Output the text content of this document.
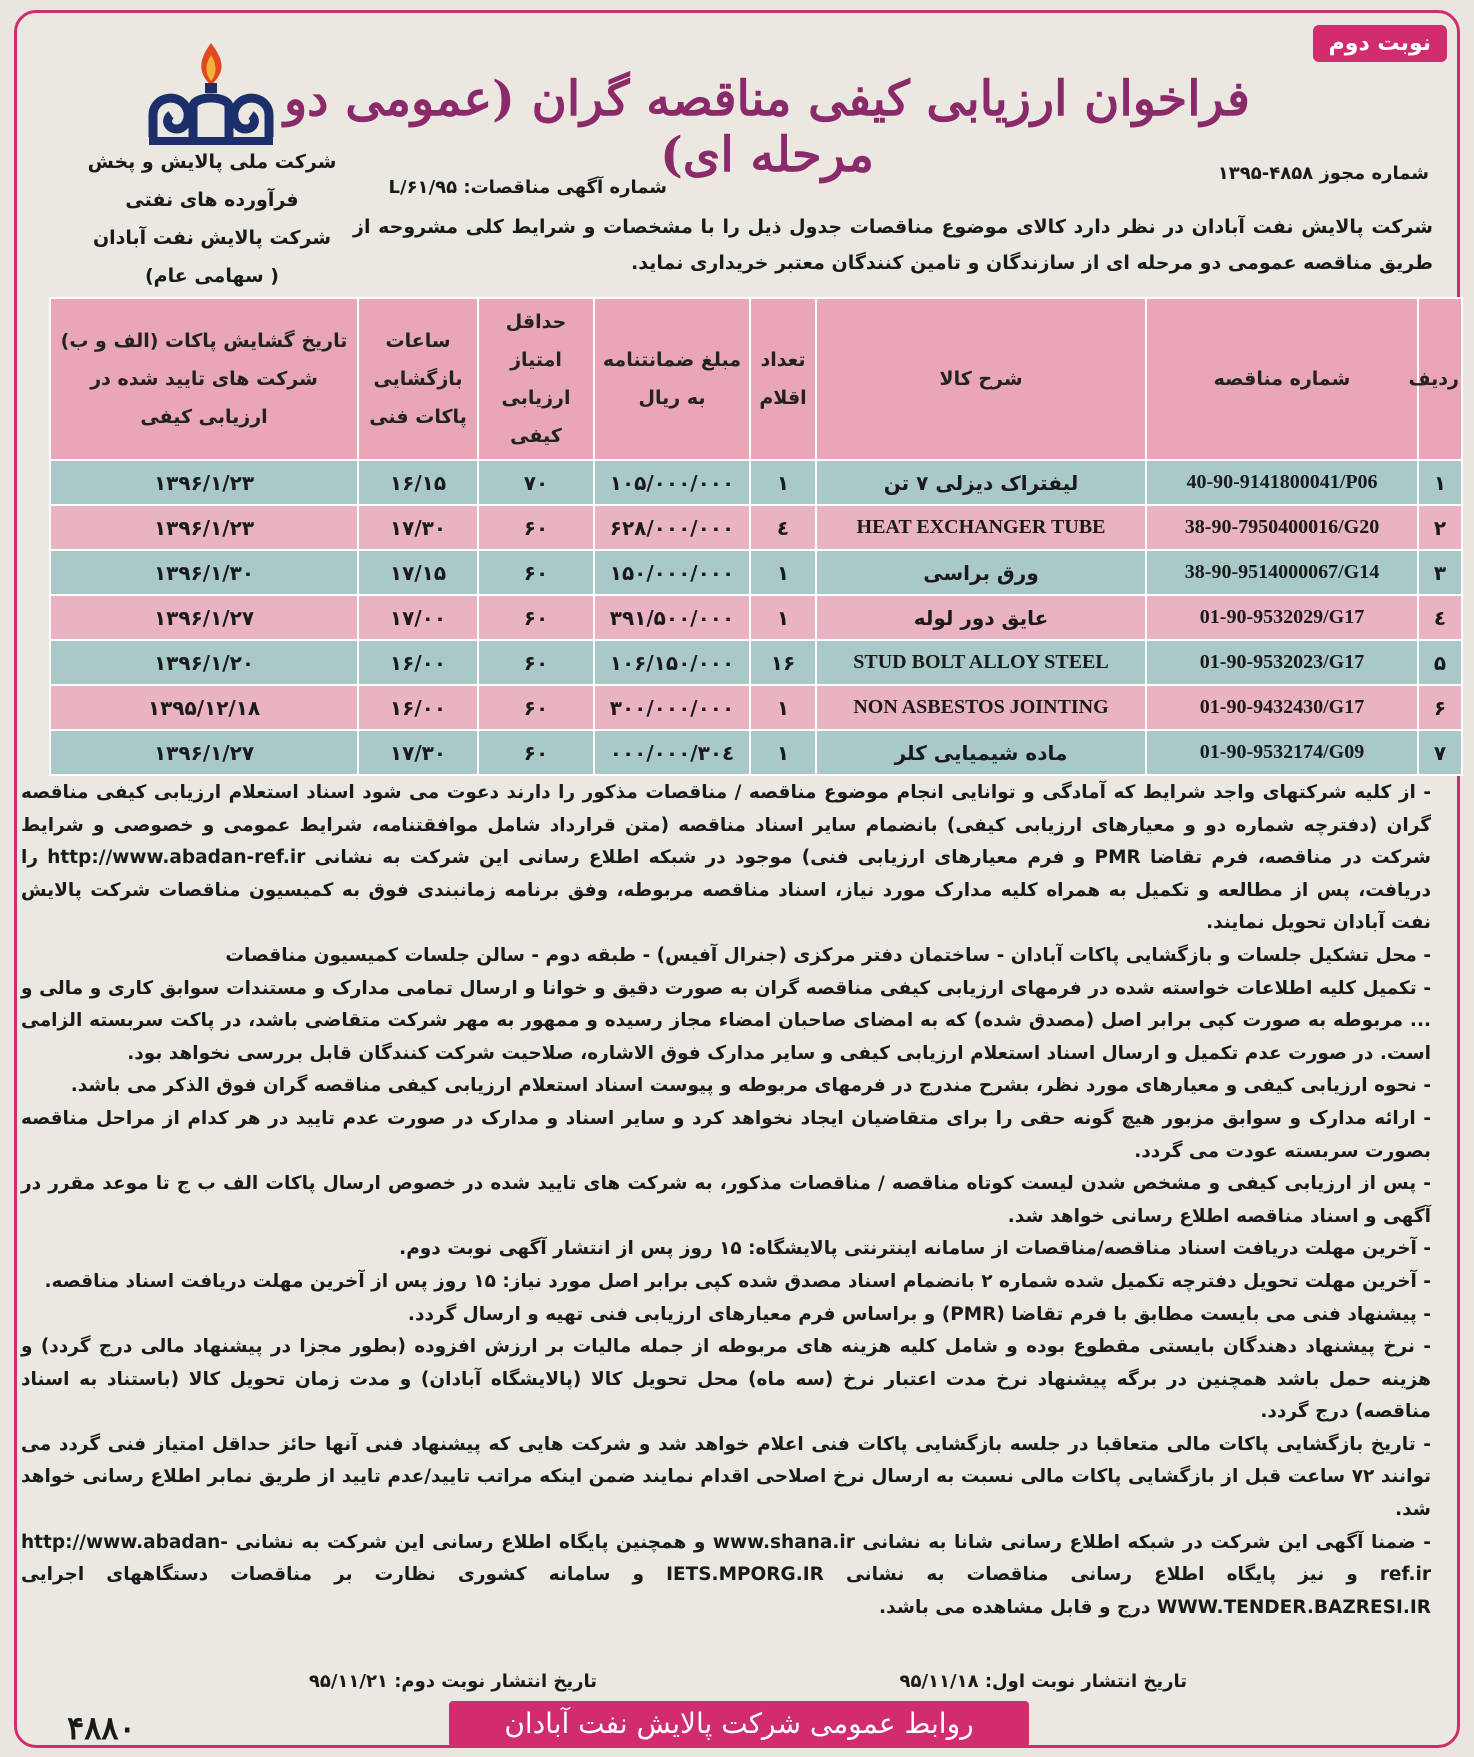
نوبت دوم
فراخوان ارزیابی کیفی مناقصه گران (عمومی دو مرحله ای)
شرکت ملی پالایش و پخش
فرآورده های نفتی
شرکت پالایش نفت آبادان
( سهامی عام)
شماره مجوز ۴۸۵۸-۱۳۹۵
شماره آگهی مناقصات: ۹۵/L/۶۱
شرکت پالایش نفت آبادان در نظر دارد کالای موضوع مناقصات جدول ذیل را با مشخصات و شرایط کلی مشروحه از طریق مناقصه عمومی دو مرحله ای از سازندگان و تامین کنندگان معتبر خریداری نماید.
ردیف	شماره مناقصه	شرح کالا	تعداد اقلام	مبلغ ضمانتنامه به ریال	حداقل امتیاز ارزیابی کیفی	ساعات بازگشایی پاکات فنی	تاریخ گشایش پاکات (الف و ب) شرکت های تایید شده در ارزیابی کیفی
۱	40-90-9141800041/P06	لیفتراک دیزلی ۷ تن	۱	۱۰۵/۰۰۰/۰۰۰	۷۰	۱۶/۱۵	۱۳۹۶/۱/۲۳
۲	38-90-7950400016/G20	HEAT EXCHANGER TUBE	٤	۶۲۸/۰۰۰/۰۰۰	۶۰	۱۷/۳۰	۱۳۹۶/۱/۲۳
۳	38-90-9514000067/G14	ورق براسی	۱	۱۵۰/۰۰۰/۰۰۰	۶۰	۱۷/۱۵	۱۳۹۶/۱/۳۰
٤	01-90-9532029/G17	عایق دور لوله	۱	۳۹۱/۵۰۰/۰۰۰	۶۰	۱۷/۰۰	۱۳۹۶/۱/۲۷
۵	01-90-9532023/G17	STUD BOLT ALLOY STEEL	۱۶	۱۰۶/۱۵۰/۰۰۰	۶۰	۱۶/۰۰	۱۳۹۶/۱/۲۰
۶	01-90-9432430/G17	NON ASBESTOS JOINTING	۱	۳۰۰/۰۰۰/۰۰۰	۶۰	۱۶/۰۰	۱۳۹۵/۱۲/۱۸
۷	01-90-9532174/G09	ماده شیمیایی کلر	۱	۳۰٤/۰۰۰/۰۰۰	۶۰	۱۷/۳۰	۱۳۹۶/۱/۲۷

- از کلیه شرکتهای واجد شرایط که آمادگی و توانایی انجام موضوع مناقصه / مناقصات مذکور را دارند دعوت می شود اسناد استعلام ارزیابی کیفی مناقصه گران (دفترچه شماره دو و معیارهای ارزیابی کیفی) بانضمام سایر اسناد مناقصه (متن قرارداد شامل موافقتنامه، شرایط عمومی و خصوصی و شرایط شرکت در مناقصه، فرم تقاضا PMR و فرم معیارهای ارزیابی فنی) موجود در شبکه اطلاع رسانی این شرکت به نشانی http://www.abadan-ref.ir را دریافت، پس از مطالعه و تکمیل به همراه کلیه مدارک مورد نیاز، اسناد مناقصه مربوطه، وفق برنامه زمانبندی فوق به کمیسیون مناقصات شرکت پالایش نفت آبادان تحویل نمایند.

- محل تشکیل جلسات و بازگشایی پاکات آبادان - ساختمان دفتر مرکزی (جنرال آفیس) - طبقه دوم - سالن جلسات کمیسیون مناقصات

- تکمیل کلیه اطلاعات خواسته شده در فرمهای ارزیابی کیفی مناقصه گران به صورت دقیق و خوانا و ارسال تمامی مدارک و مستندات سوابق کاری و مالی و ... مربوطه به صورت کپی برابر اصل (مصدق شده) که به امضای صاحبان امضاء مجاز رسیده و ممهور به مهر شرکت متقاضی باشد، در پاکت سربسته الزامی است. در صورت عدم تکمیل و ارسال اسناد استعلام ارزیابی کیفی و سایر مدارک فوق الاشاره، صلاحیت شرکت کنندگان قابل بررسی نخواهد بود.

- نحوه ارزیابی کیفی و معیارهای مورد نظر، بشرح مندرج در فرمهای مربوطه و پیوست اسناد استعلام ارزیابی کیفی مناقصه گران فوق الذکر می باشد.

- ارائه مدارک و سوابق مزبور هیچ گونه حقی را برای متقاضیان ایجاد نخواهد کرد و سایر اسناد و مدارک در صورت عدم تایید در هر کدام از مراحل مناقصه بصورت سربسته عودت می گردد.

- پس از ارزیابی کیفی و مشخص شدن لیست کوتاه مناقصه / مناقصات مذکور، به شرکت های تایید شده در خصوص ارسال پاکات الف ب ج تا موعد مقرر در آگهی و اسناد مناقصه اطلاع رسانی خواهد شد.

- آخرین مهلت دریافت اسناد مناقصه/مناقصات از سامانه اینترنتی پالایشگاه: ۱۵ روز پس از انتشار آگهی نوبت دوم.

- آخرین مهلت تحویل دفترچه تکمیل شده شماره ۲ بانضمام اسناد مصدق شده کپی برابر اصل مورد نیاز: ۱۵ روز پس از آخرین مهلت دریافت اسناد مناقصه.

- پیشنهاد فنی می بایست مطابق با فرم تقاضا (PMR) و براساس فرم معیارهای ارزیابی فنی تهیه و ارسال گردد.

- نرخ پیشنهاد دهندگان بایستی مقطوع بوده و شامل کلیه هزینه های مربوطه از جمله مالیات بر ارزش افزوده (بطور مجزا در پیشنهاد مالی درج گردد) و هزینه حمل باشد همچنین در برگه پیشنهاد نرخ مدت اعتبار نرخ (سه ماه) محل تحویل کالا (پالایشگاه آبادان) و مدت زمان تحویل کالا (باستناد به اسناد مناقصه) درج گردد.

- تاریخ بازگشایی پاکات مالی متعاقبا در جلسه بازگشایی پاکات فنی اعلام خواهد شد و شرکت هایی که پیشنهاد فنی آنها حائز حداقل امتیاز فنی گردد می توانند ۷۲ ساعت قبل از بازگشایی پاکات مالی نسبت به ارسال نرخ اصلاحی اقدام نمایند ضمن اینکه مراتب تایید/عدم تایید از طریق نمابر اطلاع رسانی خواهد شد.

- ضمنا آگهی این شرکت در شبکه اطلاع رسانی شانا به نشانی www.shana.ir و همچنین پایگاه اطلاع رسانی این شرکت به نشانی http://www.abadan-ref.ir و نیز پایگاه اطلاع رسانی مناقصات به نشانی IETS.MPORG.IR و سامانه کشوری نظارت بر مناقصات دستگاههای اجرایی WWW.TENDER.BAZRESI.IR درج و قابل مشاهده می باشد.

تاریخ انتشار نوبت اول: ۹۵/۱۱/۱۸
تاریخ انتشار نوبت دوم: ۹۵/۱۱/۲۱
۴۸۸۰	روابط عمومی شرکت پالایش نفت آبادان
